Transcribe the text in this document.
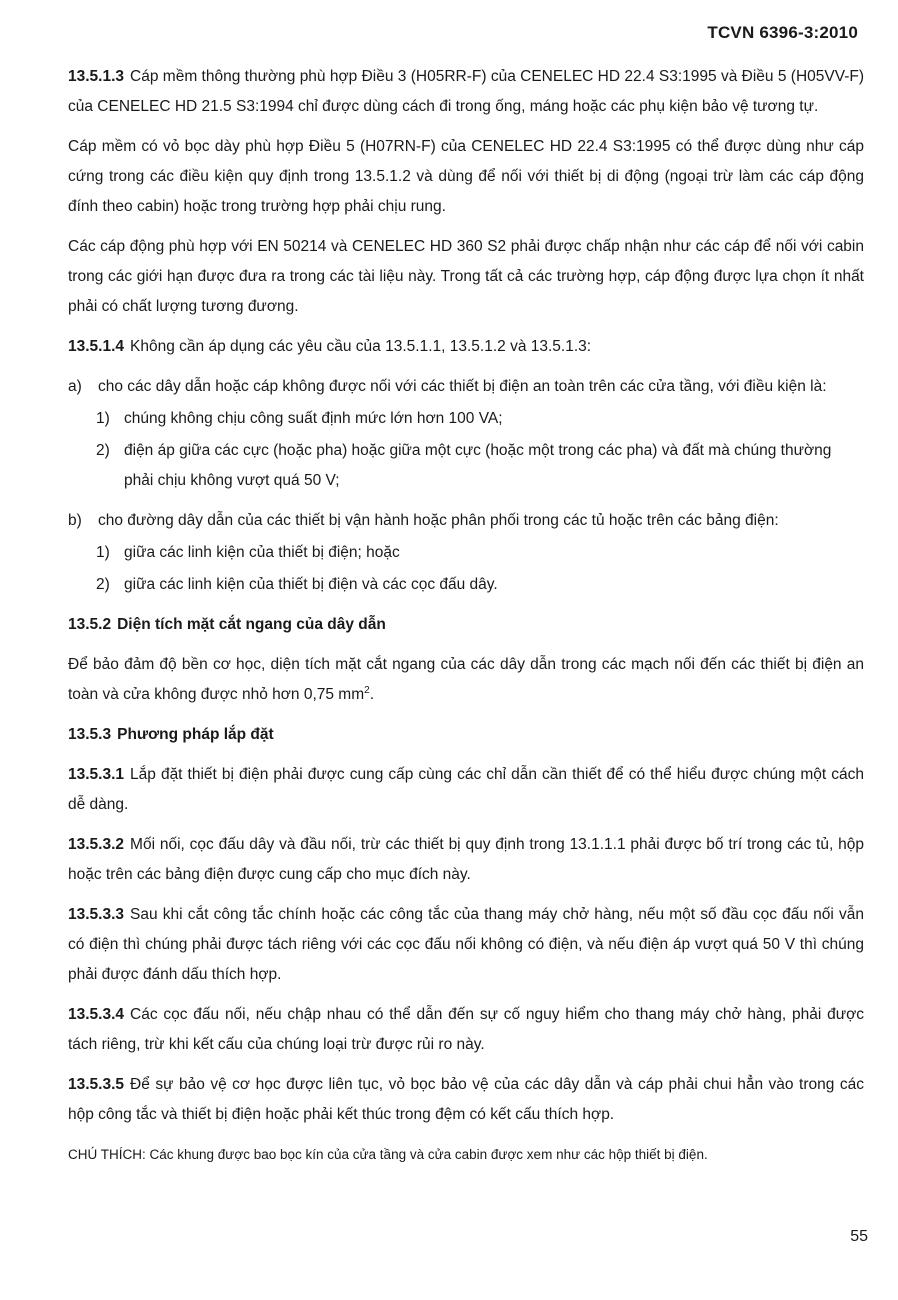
TCVN 6396-3:2010

13.5.1.3 Cáp mềm thông thường phù hợp Điều 3 (H05RR-F) của CENELEC HD 22.4 S3:1995 và Điều 5 (H05VV-F) của CENELEC HD 21.5 S3:1994 chỉ được dùng cách đi trong ống, máng hoặc các phụ kiện bảo vệ tương tự.

Cáp mềm có vỏ bọc dày phù hợp Điều 5 (H07RN-F) của CENELEC HD 22.4 S3:1995 có thể được dùng như cáp cứng trong các điều kiện quy định trong 13.5.1.2 và dùng để nối với thiết bị di động (ngoại trừ làm các cáp động đính theo cabin) hoặc trong trường hợp phải chịu rung.

Các cáp động phù hợp với EN 50214 và CENELEC HD 360 S2 phải được chấp nhận như các cáp để nối với cabin trong các giới hạn được đưa ra trong các tài liệu này. Trong tất cả các trường hợp, cáp động được lựa chọn ít nhất phải có chất lượng tương đương.

13.5.1.4 Không cần áp dụng các yêu cầu của 13.5.1.1, 13.5.1.2 và 13.5.1.3:

a)	cho các dây dẫn hoặc cáp không được nối với các thiết bị điện an toàn trên các cửa tầng, với điều kiện là:
1) chúng không chịu công suất định mức lớn hơn 100 VA;
2) điện áp giữa các cực (hoặc pha) hoặc giữa một cực (hoặc một trong các pha) và đất mà chúng thường phải chịu không vượt quá 50 V;
b)	cho đường dây dẫn của các thiết bị vận hành hoặc phân phối trong các tủ hoặc trên các bảng điện:
1) giữa các linh kiện của thiết bị điện; hoặc
2) giữa các linh kiện của thiết bị điện và các cọc đấu dây.

13.5.2 Diện tích mặt cắt ngang của dây dẫn

Để bảo đảm độ bền cơ học, diện tích mặt cắt ngang của các dây dẫn trong các mạch nối đến các thiết bị điện an toàn và cửa không được nhỏ hơn 0,75 $mm^2$.

13.5.3 Phương pháp lắp đặt

13.5.3.1 Lắp đặt thiết bị điện phải được cung cấp cùng các chỉ dẫn cần thiết để có thể hiểu được chúng một cách dễ dàng.

13.5.3.2 Mối nối, cọc đấu dây và đầu nối, trừ các thiết bị quy định trong 13.1.1.1 phải được bố trí trong các tủ, hộp hoặc trên các bảng điện được cung cấp cho mục đích này.

13.5.3.3 Sau khi cắt công tắc chính hoặc các công tắc của thang máy chở hàng, nếu một số đầu cọc đấu nối vẫn có điện thì chúng phải được tách riêng với các cọc đấu nối không có điện, và nếu điện áp vượt quá 50 V thì chúng phải được đánh dấu thích hợp.

13.5.3.4 Các cọc đấu nối, nếu chập nhau có thể dẫn đến sự cố nguy hiểm cho thang máy chở hàng, phải được tách riêng, trừ khi kết cấu của chúng loại trừ được rủi ro này.

13.5.3.5 Để sự bảo vệ cơ học được liên tục, vỏ bọc bảo vệ của các dây dẫn và cáp phải chui hẳn vào trong các hộp công tắc và thiết bị điện hoặc phải kết thúc trong đệm có kết cấu thích hợp.

CHÚ THÍCH: Các khung được bao bọc kín của cửa tầng và cửa cabin được xem như các hộp thiết bị điện.

55
